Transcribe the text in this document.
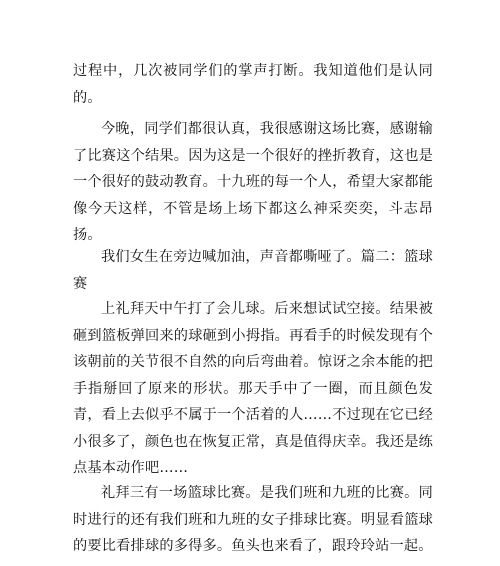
过程中，几次被同学们的掌声打断。我知道他们是认同的。

今晚，同学们都很认真，我很感谢这场比赛，感谢输了比赛这个结果。因为这是一个很好的挫折教育，这也是一个很好的鼓动教育。十九班的每一个人，希望大家都能像今天这样，不管是场上场下都这么神采奕奕，斗志昂扬。

我们女生在旁边喊加油，声音都嘶哑了。篇二：篮球赛

上礼拜天中午打了会儿球。后来想试试空接。结果被砸到篮板弹回来的球砸到小拇指。再看手的时候发现有个该朝前的关节很不自然的向后弯曲着。惊讶之余本能的把手指掰回了原来的形状。那天手中了一圈，而且颜色发青，看上去似乎不属于一个活着的人……不过现在它已经小很多了，颜色也在恢复正常，真是值得庆幸。我还是练点基本动作吧……

礼拜三有一场篮球比赛。是我们班和九班的比赛。同时进行的还有我们班和九班的女子排球比赛。明显看篮球的要比看排球的多得多。鱼头也来看了，跟玲玲站一起。
